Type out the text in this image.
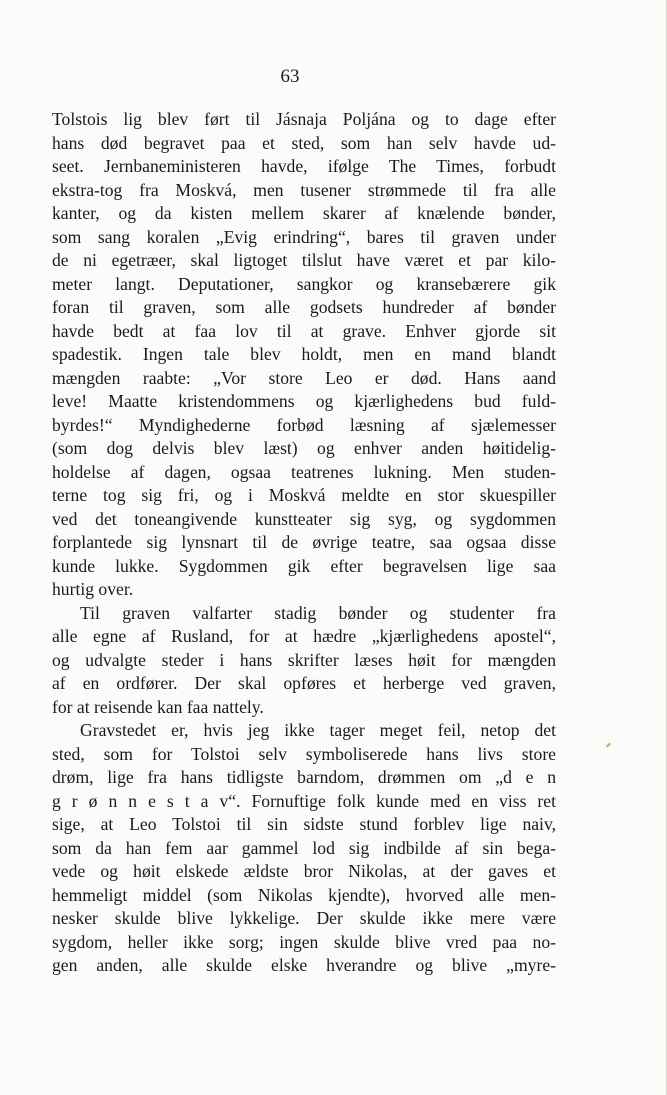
63
Tolstois lig blev ført til Jásnaja Poljána og to dage efter
hans død begravet paa et sted, som han selv havde ud-
seet. Jernbaneministeren havde, ifølge The Times, forbudt
ekstra-tog fra Moskvá, men tusener strømmede til fra alle
kanter, og da kisten mellem skarer af knælende bønder,
som sang koralen „Evig erindring“, bares til graven under
de ni egetræer, skal ligtoget tilslut have været et par kilo-
meter langt. Deputationer, sangkor og kransebærere gik
foran til graven, som alle godsets hundreder af bønder
havde bedt at faa lov til at grave. Enhver gjorde sit
spadestik. Ingen tale blev holdt, men en mand blandt
mængden raabte: „Vor store Leo er død. Hans aand
leve! Maatte kristendommens og kjærlighedens bud fuld-
byrdes!“ Myndighederne forbød læsning af sjælemesser
(som dog delvis blev læst) og enhver anden høitidelig-
holdelse af dagen, ogsaa teatrenes lukning. Men studen-
terne tog sig fri, og i Moskvá meldte en stor skuespiller
ved det toneangivende kunstteater sig syg, og sygdommen
forplantede sig lynsnart til de øvrige teatre, saa ogsaa disse
kunde lukke. Sygdommen gik efter begravelsen lige saa
hurtig over.
Til graven valfarter stadig bønder og studenter fra
alle egne af Rusland, for at hædre „kjærlighedens apostel“,
og udvalgte steder i hans skrifter læses høit for mængden
af en ordfører. Der skal opføres et herberge ved graven,
for at reisende kan faa nattely.
Gravstedet er, hvis jeg ikke tager meget feil, netop det
sted, som for Tolstoi selv symboliserede hans livs store
drøm, lige fra hans tidligste barndom, drømmen om „d e n
g r ø n n e s t a v“. Fornuftige folk kunde med en viss ret
sige, at Leo Tolstoi til sin sidste stund forblev lige naiv,
som da han fem aar gammel lod sig indbilde af sin bega-
vede og høit elskede ældste bror Nikolas, at der gaves et
hemmeligt middel (som Nikolas kjendte), hvorved alle men-
nesker skulde blive lykkelige. Der skulde ikke mere være
sygdom, heller ikke sorg; ingen skulde blive vred paa no-
gen anden, alle skulde elske hverandre og blive „myre-
